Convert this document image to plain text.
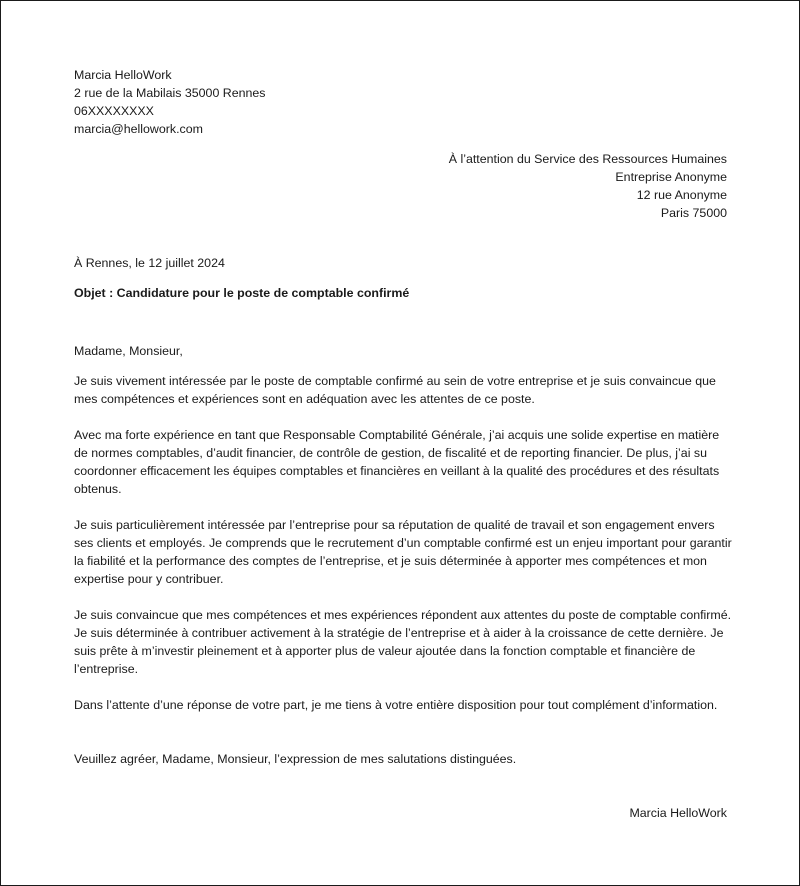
Marcia HelloWork
2 rue de la Mabilais 35000 Rennes
06XXXXXXXX
marcia@hellowork.com
À l’attention du Service des Ressources Humaines
Entreprise Anonyme
12 rue Anonyme
Paris 75000
À Rennes, le 12 juillet 2024
Objet : Candidature pour le poste de comptable confirmé
Madame, Monsieur,

Je suis vivement intéressée par le poste de comptable confirmé au sein de votre entreprise et je suis convaincue que mes compétences et expériences sont en adéquation avec les attentes de ce poste.

Avec ma forte expérience en tant que Responsable Comptabilité Générale, j’ai acquis une solide expertise en matière de normes comptables, d’audit financier, de contrôle de gestion, de fiscalité et de reporting financier. De plus, j’ai su coordonner efficacement les équipes comptables et financières en veillant à la qualité des procédures et des résultats obtenus.

Je suis particulièrement intéressée par l’entreprise pour sa réputation de qualité de travail et son engagement envers ses clients et employés. Je comprends que le recrutement d’un comptable confirmé est un enjeu important pour garantir la fiabilité et la performance des comptes de l’entreprise, et je suis déterminée à apporter mes compétences et mon expertise pour y contribuer.

Je suis convaincue que mes compétences et mes expériences répondent aux attentes du poste de comptable confirmé. Je suis déterminée à contribuer activement à la stratégie de l’entreprise et à aider à la croissance de cette dernière. Je suis prête à m’investir pleinement et à apporter plus de valeur ajoutée dans la fonction comptable et financière de l’entreprise.

Dans l’attente d’une réponse de votre part, je me tiens à votre entière disposition pour tout complément d’information.

Veuillez agréer, Madame, Monsieur, l’expression de mes salutations distinguées.
Marcia HelloWork
